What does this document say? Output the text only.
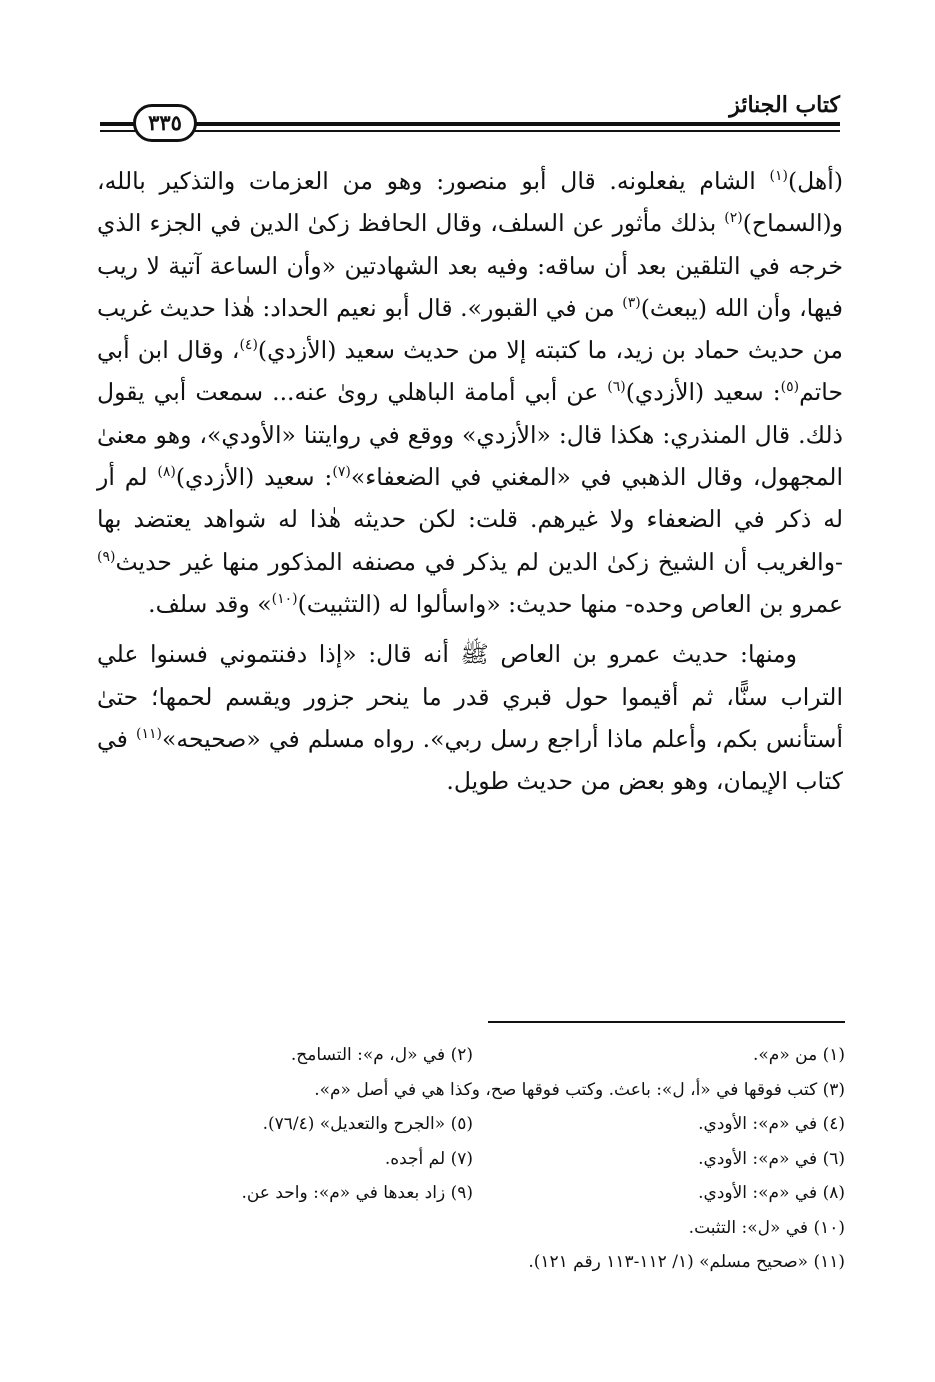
كتاب الجنائز
٣٣٥

(أهل)$^{(١)}$ الشام يفعلونه. قال أبو منصور: وهو من العزمات والتذكير بالله، و(السماح)$^{(٢)}$ بذلك مأثور عن السلف، وقال الحافظ زكىٰ الدين في الجزء الذي خرجه في التلقين بعد أن ساقه: وفيه بعد الشهادتين «وأن الساعة آتية لا ريب فيها، وأن الله (يبعث)$^{(٣)}$ من في القبور». قال أبو نعيم الحداد: هٰذا حديث غريب من حديث حماد بن زيد، ما كتبته إلا من حديث سعيد (الأزدي)$^{(٤)}$، وقال ابن أبي حاتم$^{(٥)}$: سعيد (الأزدي)$^{(٦)}$ عن أبي أمامة الباهلي روىٰ عنه... سمعت أبي يقول ذلك. قال المنذري: هكذا قال: «الأزدي» ووقع في روايتنا «الأودي»، وهو معنىٰ المجهول، وقال الذهبي في «المغني في الضعفاء»$^{(٧)}$: سعيد (الأزدي)$^{(٨)}$ لم أر له ذكر في الضعفاء ولا غيرهم. قلت: لكن حديثه هٰذا له شواهد يعتضد بها -والغريب أن الشيخ زكىٰ الدين لم يذكر في مصنفه المذكور منها غير حديث$^{(٩)}$ عمرو بن العاص وحده- منها حديث: «واسألوا له (التثبيت)$^{(١٠)}$» وقد سلف.

ومنها: حديث عمرو بن العاص ﷺ أنه قال: «إذا دفنتموني فسنوا علي التراب سنًّا، ثم أقيموا حول قبري قدر ما ينحر جزور ويقسم لحمها؛ حتىٰ أستأنس بكم، وأعلم ماذا أراجع رسل ربي». رواه مسلم في «صحيحه»$^{(١١)}$ في كتاب الإيمان، وهو بعض من حديث طويل.

(١) من «م».
(٢) في «ل، م»: التسامح.
(٣) كتب فوقها في «أ، ل»: باعث. وكتب فوقها صح، وكذا هي في أصل «م».
(٤) في «م»: الأودي.
(٥) «الجرح والتعديل» (٧٦/٤).
(٦) في «م»: الأودي.
(٧) لم أجده.
(٨) في «م»: الأودي.
(٩) زاد بعدها في «م»: واحد عن.
(١٠) في «ل»: التثبت.
(١١) «صحيح مسلم» (١/ ١١٢-١١٣ رقم ١٢١).
